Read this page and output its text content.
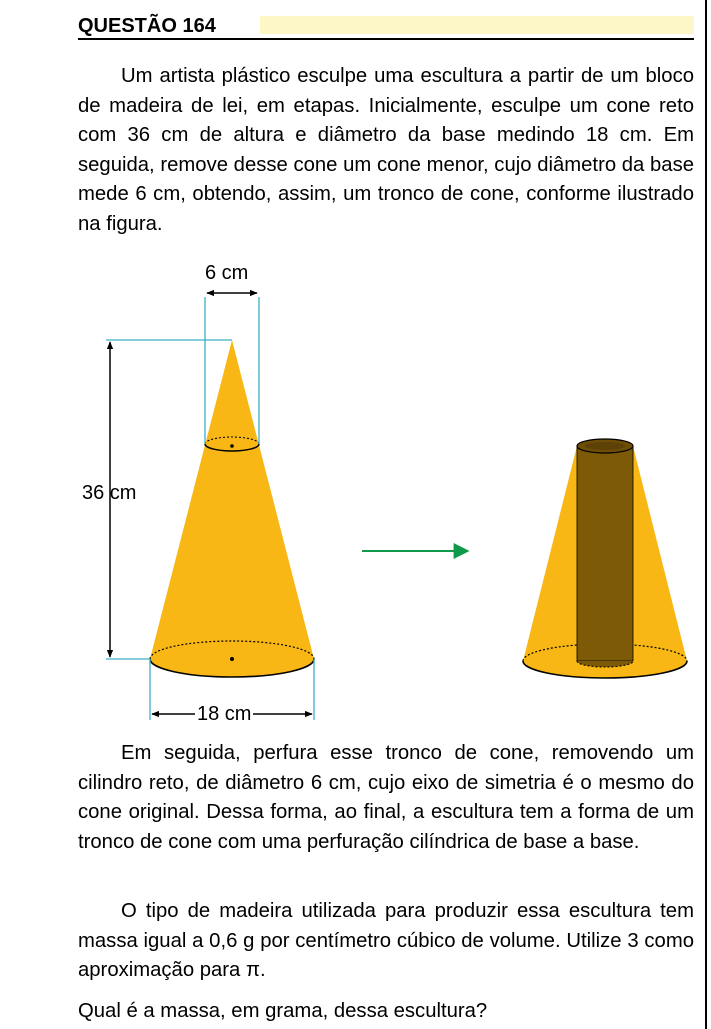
QUESTÃO 164

Um artista plástico esculpe uma escultura a partir de um bloco de madeira de lei, em etapas. Inicialmente, esculpe um cone reto com 36 cm de altura e diâmetro da base medindo 18 cm. Em seguida, remove desse cone um cone menor, cujo diâmetro da base mede 6 cm, obtendo, assim, um tronco de cone, conforme ilustrado na figura.

6 cm
36 cm
18 cm

Em seguida, perfura esse tronco de cone, removendo um cilindro reto, de diâmetro 6 cm, cujo eixo de simetria é o mesmo do cone original. Dessa forma, ao final, a escultura tem a forma de um tronco de cone com uma perfuração cilíndrica de base a base.

O tipo de madeira utilizada para produzir essa escultura tem massa igual a 0,6 g por centímetro cúbico de volume. Utilize 3 como aproximação para π.

Qual é a massa, em grama, dessa escultura?
